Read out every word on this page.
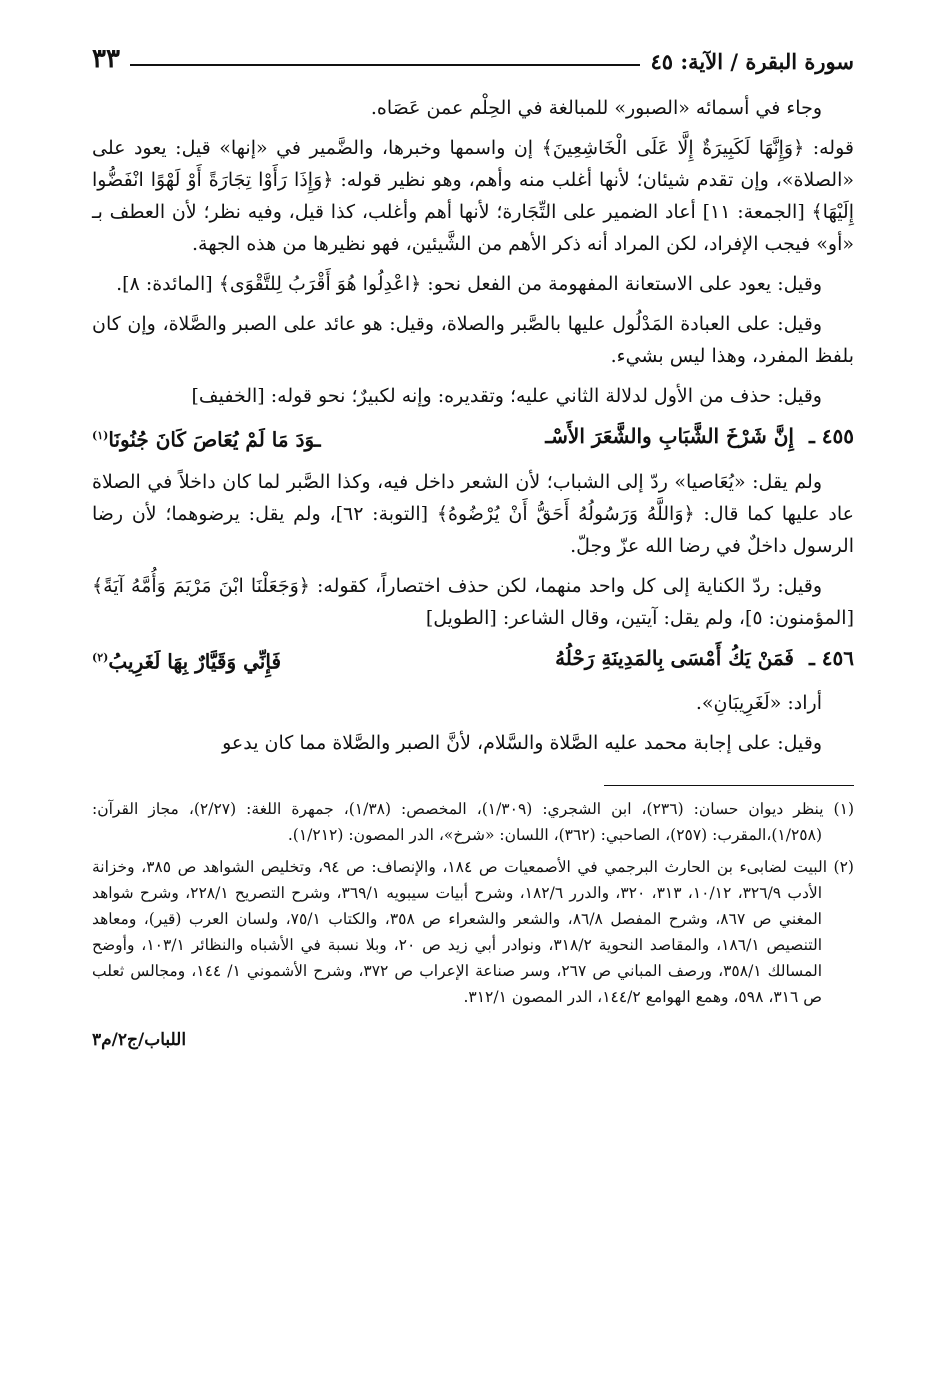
سورة البقرة / الآية: ٤٥
٣٣

وجاء في أسمائه «الصبور» للمبالغة في الحِلْم عمن عَصَاه.

قوله: ﴿وَإِنَّهَا لَكَبِيرَةٌ إِلَّا عَلَى الْخَاشِعِينَ﴾ إن واسمها وخبرها، والضَّمير في «إنها» قيل: يعود على «الصلاة»، وإن تقدم شيئان؛ لأنها أغلب منه وأهم، وهو نظير قوله: ﴿وَإِذَا رَأَوْا تِجَارَةً أَوْ لَهْوًا انْفَضُّوا إِلَيْهَا﴾ [الجمعة: ١١] أعاد الضمير على التِّجَارة؛ لأنها أهم وأغلب، كذا قيل، وفيه نظر؛ لأن العطف بـ «أو» فيجب الإفراد، لكن المراد أنه ذكر الأهم من الشَّيئين، فهو نظيرها من هذه الجهة.

وقيل: يعود على الاستعانة المفهومة من الفعل نحو: ﴿اعْدِلُوا هُوَ أَقْرَبُ لِلتَّقْوَى﴾ [المائدة: ٨].

وقيل: على العبادة المَدْلُول عليها بالصَّبر والصلاة، وقيل: هو عائد على الصبر والصَّلاة، وإن كان بلفظ المفرد، وهذا ليس بشيء.

وقيل: حذف من الأول لدلالة الثاني عليه؛ وتقديره: وإنه لكبيرٌ؛ نحو قوله: [الخفيف]

٤٥٥ ـ إِنَّ شَرْخَ الشَّبَابِ والشَّعَرَ الأَسْـ
ـوَدَ مَا لَمْ يُعَاصَ كَانَ جُنُونَا$^{(١)}$

ولم يقل: «يُعَاصيا» ردّ إلى الشباب؛ لأن الشعر داخل فيه، وكذا الصَّبر لما كان داخلاً في الصلاة عاد عليها كما قال: ﴿وَاللَّهُ وَرَسُولُهُ أَحَقُّ أَنْ يُرْضُوهُ﴾ [التوبة: ٦٢]، ولم يقل: يرضوهما؛ لأن رضا الرسول داخلٌ في رضا الله عزّ وجلّ.

وقيل: ردّ الكناية إلى كل واحد منهما، لكن حذف اختصاراً، كقوله: ﴿وَجَعَلْنَا ابْنَ مَرْيَمَ وَأُمَّهُ آيَةً﴾ [المؤمنون: ٥]، ولم يقل: آيتين، وقال الشاعر: [الطويل]

٤٥٦ ـ فَمَنْ يَكُ أَمْسَى بِالمَدِينَةِ رَحْلُهُ
فَإِنِّي وَقَيَّارٌ بِهَا لَغَرِيبُ$^{(٢)}$

أراد: «لَغَرِيبَانِ».

وقيل: على إجابة محمد عليه الصَّلاة والسَّلام، لأنَّ الصبر والصَّلاة مما كان يدعو

(١) ينظر ديوان حسان: (٢٣٦)، ابن الشجري: (١/٣٠٩)، المخصص: (١/٣٨)، جمهرة اللغة: (٢/٢٧)، مجاز القرآن: (١/٢٥٨)،المقرب: (٢٥٧)، الصاحبي: (٣٦٢)، اللسان: «شرخ»، الدر المصون: (١/٢١٢).

(٢) البيت لضابىء بن الحارث البرجمي في الأصمعيات ص ١٨٤، والإنصاف: ص ٩٤، وتخليص الشواهد ص ٣٨٥، وخزانة الأدب ٣٢٦/٩، ١٠/١٢، ٣١٣، ٣٢٠، والدرر ١٨٢/٦، وشرح أبيات سيبويه ٣٦٩/١، وشرح التصريح ٢٢٨/١، وشرح شواهد المغني ص ٨٦٧، وشرح المفصل ٨٦/٨، والشعر والشعراء ص ٣٥٨، والكتاب ٧٥/١، ولسان العرب (قير)، ومعاهد التنصيص ١٨٦/١، والمقاصد النحوية ٣١٨/٢، ونوادر أبي زيد ص ٢٠، وبلا نسبة في الأشباه والنظائر ١٠٣/١، وأوضح المسالك ٣٥٨/١، ورصف المباني ص ٢٦٧، وسر صناعة الإعراب ص ٣٧٢، وشرح الأشموني ١/ ١٤٤، ومجالس ثعلب ص ٣١٦، ٥٩٨، وهمع الهوامع ١٤٤/٢، الدر المصون ٣١٢/١.

اللباب/ج٢/م٣
